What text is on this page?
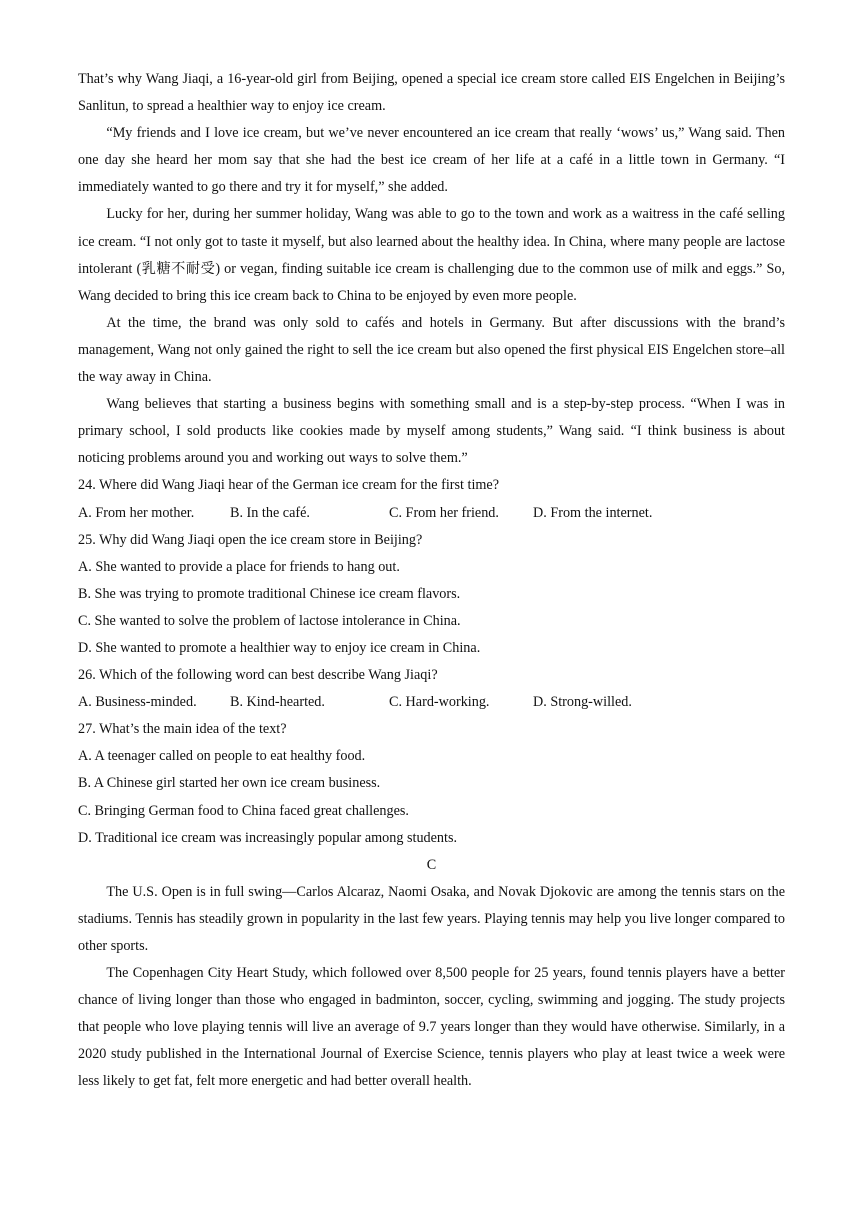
That’s why Wang Jiaqi, a 16-year-old girl from Beijing, opened a special ice cream store called EIS Engelchen in Beijing’s Sanlitun, to spread a healthier way to enjoy ice cream.

“My friends and I love ice cream, but we’ve never encountered an ice cream that really ‘wows’ us,” Wang said. Then one day she heard her mom say that she had the best ice cream of her life at a café in a little town in Germany. “I immediately wanted to go there and try it for myself,” she added.

Lucky for her, during her summer holiday, Wang was able to go to the town and work as a waitress in the café selling ice cream. “I not only got to taste it myself, but also learned about the healthy idea. In China, where many people are lactose intolerant (乳糖不耐受) or vegan, finding suitable ice cream is challenging due to the common use of milk and eggs.” So, Wang decided to bring this ice cream back to China to be enjoyed by even more people.

At the time, the brand was only sold to cafés and hotels in Germany. But after discussions with the brand’s management, Wang not only gained the right to sell the ice cream but also opened the first physical EIS Engelchen store–all the way away in China.

Wang believes that starting a business begins with something small and is a step-by-step process. “When I was in primary school, I sold products like cookies made by myself among students,” Wang said. “I think business is about noticing problems around you and working out ways to solve them.”

24. Where did Wang Jiaqi hear of the German ice cream for the first time?

A. From her mother.	B. In the café.	C. From her friend.	D. From the internet.

25. Why did Wang Jiaqi open the ice cream store in Beijing?

A. She wanted to provide a place for friends to hang out.

B. She was trying to promote traditional Chinese ice cream flavors.

C. She wanted to solve the problem of lactose intolerance in China.

D. She wanted to promote a healthier way to enjoy ice cream in China.

26. Which of the following word can best describe Wang Jiaqi?

A. Business-minded.	B. Kind-hearted.	C. Hard-working.	D. Strong-willed.

27. What’s the main idea of the text?

A. A teenager called on people to eat healthy food.

B. A Chinese girl started her own ice cream business.

C. Bringing German food to China faced great challenges.

D. Traditional ice cream was increasingly popular among students.

C

The U.S. Open is in full swing—Carlos Alcaraz, Naomi Osaka, and Novak Djokovic are among the tennis stars on the stadiums. Tennis has steadily grown in popularity in the last few years. Playing tennis may help you live longer compared to other sports.

The Copenhagen City Heart Study, which followed over 8,500 people for 25 years, found tennis players have a better chance of living longer than those who engaged in badminton, soccer, cycling, swimming and jogging. The study projects that people who love playing tennis will live an average of 9.7 years longer than they would have otherwise. Similarly, in a 2020 study published in the International Journal of Exercise Science, tennis players who play at least twice a week were less likely to get fat, felt more energetic and had better overall health.
